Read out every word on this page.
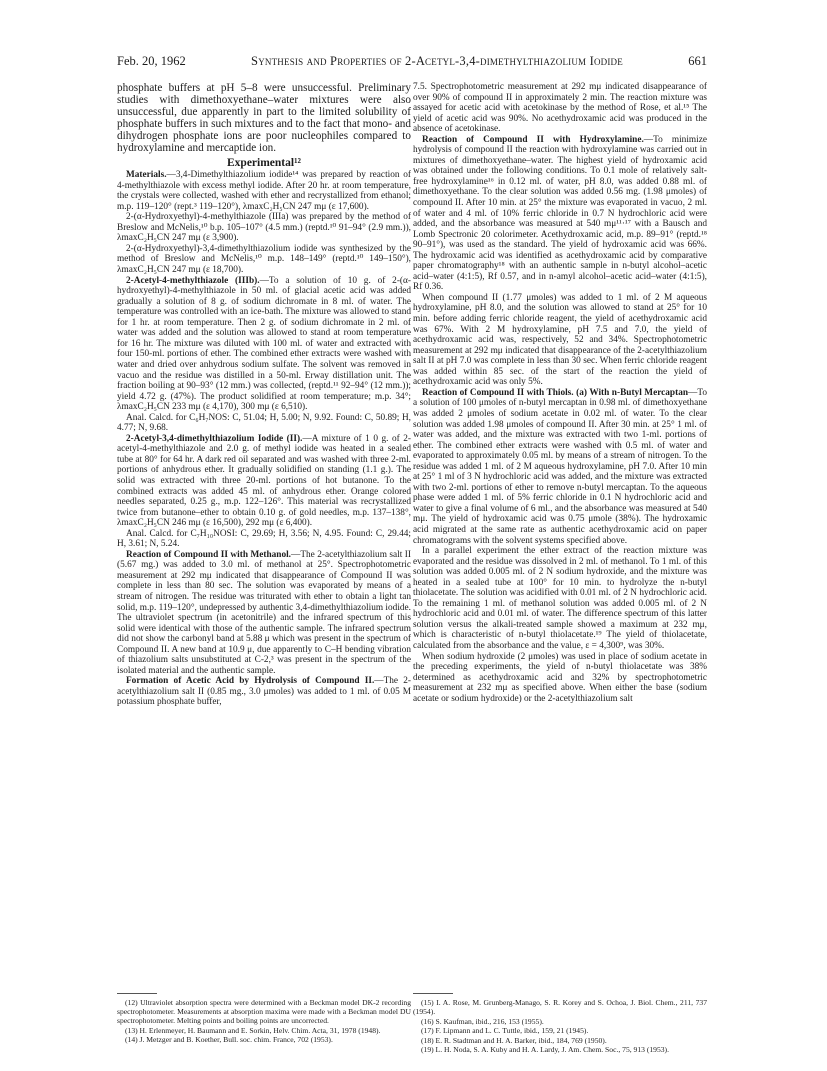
Feb. 20, 1962	Synthesis and Properties of 2-Acetyl-3,4-dimethylthiazolium Iodide	661

phosphate buffers at pH 5–8 were unsuccessful. Preliminary studies with dimethoxyethane–water mixtures were also unsuccessful, due apparently in part to the limited solubility of phosphate buffers in such mixtures and to the fact that mono- and dihydrogen phosphate ions are poor nucleophiles compared to hydroxylamine and mercaptide ion.

Experimental¹²

Materials.—3,4-Dimethylthiazolium iodide¹⁴ was prepared by reaction of 4-methylthiazole with excess methyl iodide. After 20 hr. at room temperature, the crystals were collected, washed with ether and recrystallized from ethanol; m.p. 119–120° (rept.³ 119–120°), λmaxC₂H₅CN 247 mμ (ε 17,600).

2-(α-Hydroxyethyl)-4-methylthiazole (IIIa) was prepared by the method of Breslow and McNelis,¹⁰ b.p. 105–107° (4.5 mm.) (reptd.¹⁰ 91–94° (2.9 mm.)), λmaxC₂H₅CN 247 mμ (ε 3,900).

2-(α-Hydroxyethyl)-3,4-dimethylthiazolium iodide was synthesized by the method of Breslow and McNelis,¹⁰ m.p. 148–149° (reptd.¹⁰ 149–150°), λmaxC₂H₅CN 247 mμ (ε 18,700).

2-Acetyl-4-methylthiazole (IIIb).—To a solution of 10 g. of 2-(α-hydroxyethyl)-4-methylthiazole in 50 ml. of glacial acetic acid was added gradually a solution of 8 g. of sodium dichromate in 8 ml. of water. The temperature was controlled with an ice-bath. The mixture was allowed to stand for 1 hr. at room temperature. Then 2 g. of sodium dichromate in 2 ml. of water was added and the solution was allowed to stand at room temperature for 16 hr. The mixture was diluted with 100 ml. of water and extracted with four 150-ml. portions of ether. The combined ether extracts were washed with water and dried over anhydrous sodium sulfate. The solvent was removed in vacuo and the residue was distilled in a 50-ml. Erway distillation unit. The fraction boiling at 90–93° (12 mm.) was collected, (reptd.¹¹ 92–94° (12 mm.)); yield 4.72 g. (47%). The product solidified at room temperature; m.p. 34°; λmaxC₂H₅CN 233 mμ (ε 4,170), 300 mμ (ε 6,510).

Anal. Calcd. for C₆H₇NOS: C, 51.04; H, 5.00; N, 9.92. Found: C, 50.89; H, 4.77; N, 9.68.

2-Acetyl-3,4-dimethylthiazolium Iodide (II).—A mixture of 1 0 g. of 2-acetyl-4-methylthiazole and 2.0 g. of methyl iodide was heated in a sealed tube at 80° for 64 hr. A dark red oil separated and was washed with three 2-ml. portions of anhydrous ether. It gradually solidified on standing (1.1 g.). The solid was extracted with three 20-ml. portions of hot butanone. To the combined extracts was added 45 ml. of anhydrous ether. Orange colored needles separated, 0.25 g., m.p. 122–126°. This material was recrystallized twice from butanone–ether to obtain 0.10 g. of gold needles, m.p. 137–138°, λmaxC₂H₅CN 246 mμ (ε 16,500), 292 mμ (ε 6,400).

Anal. Calcd. for C₇H₁₀NOSI: C, 29.69; H, 3.56; N, 4.95. Found: C, 29.44; H, 3.61; N, 5.24.

Reaction of Compound II with Methanol.—The 2-acetylthiazolium salt II (5.67 mg.) was added to 3.0 ml. of methanol at 25°. Spectrophotometric measurement at 292 mμ indicated that disappearance of Compound II was complete in less than 80 sec. The solution was evaporated by means of a stream of nitrogen. The residue was triturated with ether to obtain a light tan solid, m.p. 119–120°, undepressed by authentic 3,4-dimethylthiazolium iodide. The ultraviolet spectrum (in acetonitrile) and the infrared spectrum of this solid were identical with those of the authentic sample. The infrared spectrum did not show the carbonyl band at 5.88 μ which was present in the spectrum of Compound II. A new band at 10.9 μ, due apparently to C–H bending vibration of thiazolium salts unsubstituted at C-2,³ was present in the spectrum of the isolated material and the authentic sample.

Formation of Acetic Acid by Hydrolysis of Compound II.—The 2-acetylthiazolium salt II (0.85 mg., 3.0 μmoles) was added to 1 ml. of 0.05 M potassium phosphate buffer,

7.5. Spectrophotometric measurement at 292 mμ indicated disappearance of over 90% of compound II in approximately 2 min. The reaction mixture was assayed for acetic acid with acetokinase by the method of Rose, et al.¹⁵ The yield of acetic acid was 90%. No acethydroxamic acid was produced in the absence of acetokinase.

Reaction of Compound II with Hydroxylamine.—To minimize hydrolysis of compound II the reaction with hydroxylamine was carried out in mixtures of dimethoxyethane–water. The highest yield of hydroxamic acid was obtained under the following conditions. To 0.1 mole of relatively salt-free hydroxylamine¹⁶ in 0.12 ml. of water, pH 8.0, was added 0.88 ml. of dimethoxyethane. To the clear solution was added 0.56 mg. (1.98 μmoles) of compound II. After 10 min. at 25° the mixture was evaporated in vacuo, 2 ml. of water and 4 ml. of 10% ferric chloride in 0.7 N hydrochloric acid were added, and the absorbance was measured at 540 mμ¹¹·¹⁷ with a Bausch and Lomb Spectronic 20 colorimeter. Acethydroxamic acid, m.p. 89–91° (reptd.¹⁸ 90–91°), was used as the standard. The yield of hydroxamic acid was 66%. The hydroxamic acid was identified as acethydroxamic acid by comparative paper chromatography¹⁸ with an authentic sample in n-butyl alcohol–acetic acid–water (4:1:5), Rf 0.57, and in n-amyl alcohol–acetic acid–water (4:1:5), Rf 0.36.

When compound II (1.77 μmoles) was added to 1 ml. of 2 M aqueous hydroxylamine, pH 8.0, and the solution was allowed to stand at 25° for 10 min. before adding ferric chloride reagent, the yield of acethydroxamic acid was 67%. With 2 M hydroxylamine, pH 7.5 and 7.0, the yield of acethydroxamic acid was, respectively, 52 and 34%. Spectrophotometric measurement at 292 mμ indicated that disappearance of the 2-acetylthiazolium salt II at pH 7.0 was complete in less than 30 sec. When ferric chloride reagent was added within 85 sec. of the start of the reaction the yield of acethydroxamic acid was only 5%.

Reaction of Compound II with Thiols. (a) With n-Butyl Mercaptan—To a solution of 100 μmoles of n-butyl mercaptan in 0.98 ml. of dimethoxyethane was added 2 μmoles of sodium acetate in 0.02 ml. of water. To the clear solution was added 1.98 μmoles of compound II. After 30 min. at 25° 1 ml. of water was added, and the mixture was extracted with two 1-ml. portions of ether. The combined ether extracts were washed with 0.5 ml. of water and evaporated to approximately 0.05 ml. by means of a stream of nitrogen. To the residue was added 1 ml. of 2 M aqueous hydroxylamine, pH 7.0. After 10 min at 25° 1 ml of 3 N hydrochloric acid was added, and the mixture was extracted with two 2-ml. portions of ether to remove n-butyl mercaptan. To the aqueous phase were added 1 ml. of 5% ferric chloride in 0.1 N hydrochloric acid and water to give a final volume of 6 ml., and the absorbance was measured at 540 mμ. The yield of hydroxamic acid was 0.75 μmole (38%). The hydroxamic acid migrated at the same rate as authentic acethydroxamic acid on paper chromatograms with the solvent systems specified above.

In a parallel experiment the ether extract of the reaction mixture was evaporated and the residue was dissolved in 2 ml. of methanol. To 1 ml. of this solution was added 0.005 ml. of 2 N sodium hydroxide, and the mixture was heated in a sealed tube at 100° for 10 min. to hydrolyze the n-butyl thiolacetate. The solution was acidified with 0.01 ml. of 2 N hydrochloric acid. To the remaining 1 ml. of methanol solution was added 0.005 ml. of 2 N hydrochloric acid and 0.01 ml. of water. The difference spectrum of this latter solution versus the alkali-treated sample showed a maximum at 232 mμ, which is characteristic of n-butyl thiolacetate.¹⁹ The yield of thiolacetate, calculated from the absorbance and the value, ε = 4,300⁹, was 30%.

When sodium hydroxide (2 μmoles) was used in place of sodium acetate in the preceding experiments, the yield of n-butyl thiolacetate was 38% determined as acethydroxamic acid and 32% by spectrophotometric measurement at 232 mμ as specified above. When either the base (sodium acetate or sodium hydroxide) or the 2-acetylthiazolium salt

(12) Ultraviolet absorption spectra were determined with a Beckman model DK-2 recording spectrophotometer. Measurements at absorption maxima were made with a Beckman model DU spectrophotometer. Melting points and boiling points are uncorrected.

(13) H. Erlenmeyer, H. Baumann and E. Sorkin, Helv. Chim. Acta, 31, 1978 (1948).

(14) J. Metzger and B. Koether, Bull. soc. chim. France, 702 (1953).

(15) I. A. Rose, M. Grunberg-Manago, S. R. Korey and S. Ochoa, J. Biol. Chem., 211, 737 (1954).

(16) S. Kaufman, ibid., 216, 153 (1955).

(17) F. Lipmann and L. C. Tuttle, ibid., 159, 21 (1945).

(18) E. R. Stadtman and H. A. Barker, ibid., 184, 769 (1950).

(19) L. H. Noda, S. A. Kuby and H. A. Lardy, J. Am. Chem. Soc., 75, 913 (1953).
